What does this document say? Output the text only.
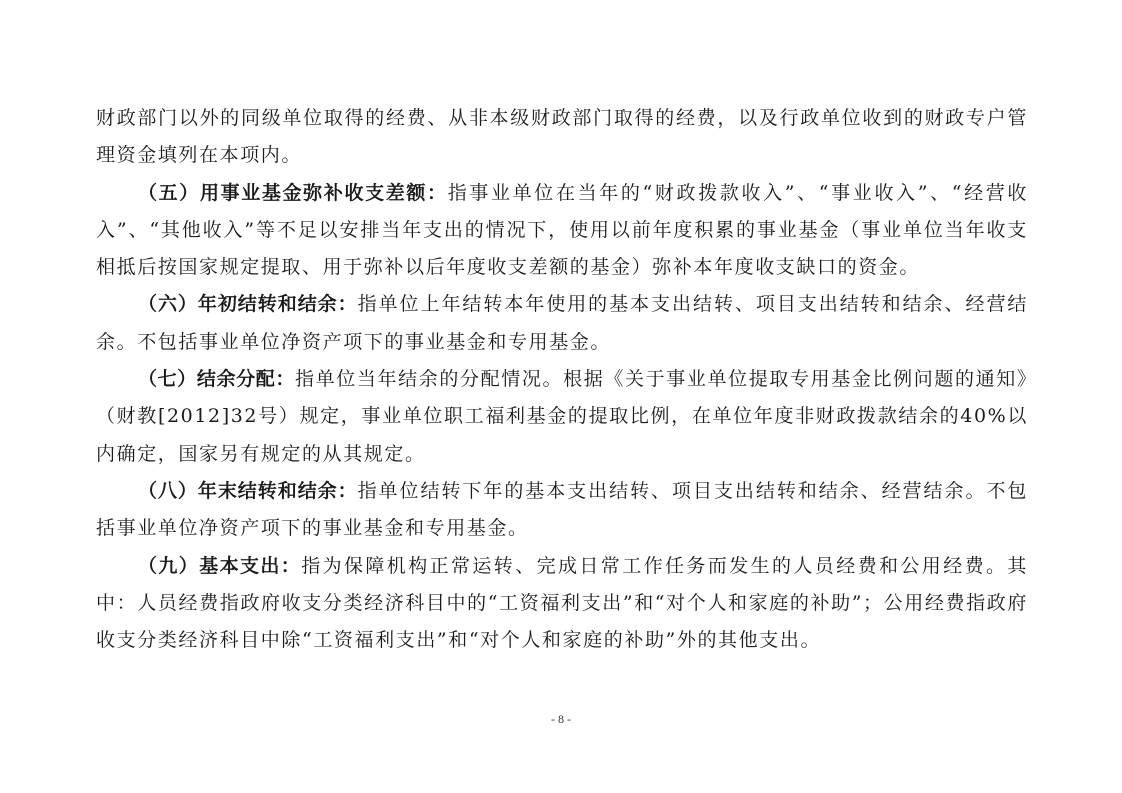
财政部门以外的同级单位取得的经费、从非本级财政部门取得的经费，以及行政单位收到的财政专户管理资金填列在本项内。

（五）用事业基金弥补收支差额：指事业单位在当年的“财政拨款收入”、“事业收入”、“经营收入”、“其他收入”等不足以安排当年支出的情况下，使用以前年度积累的事业基金（事业单位当年收支相抵后按国家规定提取、用于弥补以后年度收支差额的基金）弥补本年度收支缺口的资金。

（六）年初结转和结余：指单位上年结转本年使用的基本支出结转、项目支出结转和结余、经营结余。不包括事业单位净资产项下的事业基金和专用基金。

（七）结余分配：指单位当年结余的分配情况。根据《关于事业单位提取专用基金比例问题的通知》（财教[2012]32号）规定，事业单位职工福利基金的提取比例，在单位年度非财政拨款结余的40%以内确定，国家另有规定的从其规定。

（八）年末结转和结余：指单位结转下年的基本支出结转、项目支出结转和结余、经营结余。不包括事业单位净资产项下的事业基金和专用基金。

（九）基本支出：指为保障机构正常运转、完成日常工作任务而发生的人员经费和公用经费。其中：人员经费指政府收支分类经济科目中的“工资福利支出”和“对个人和家庭的补助”；公用经费指政府收支分类经济科目中除“工资福利支出”和“对个人和家庭的补助”外的其他支出。

- 8 -
